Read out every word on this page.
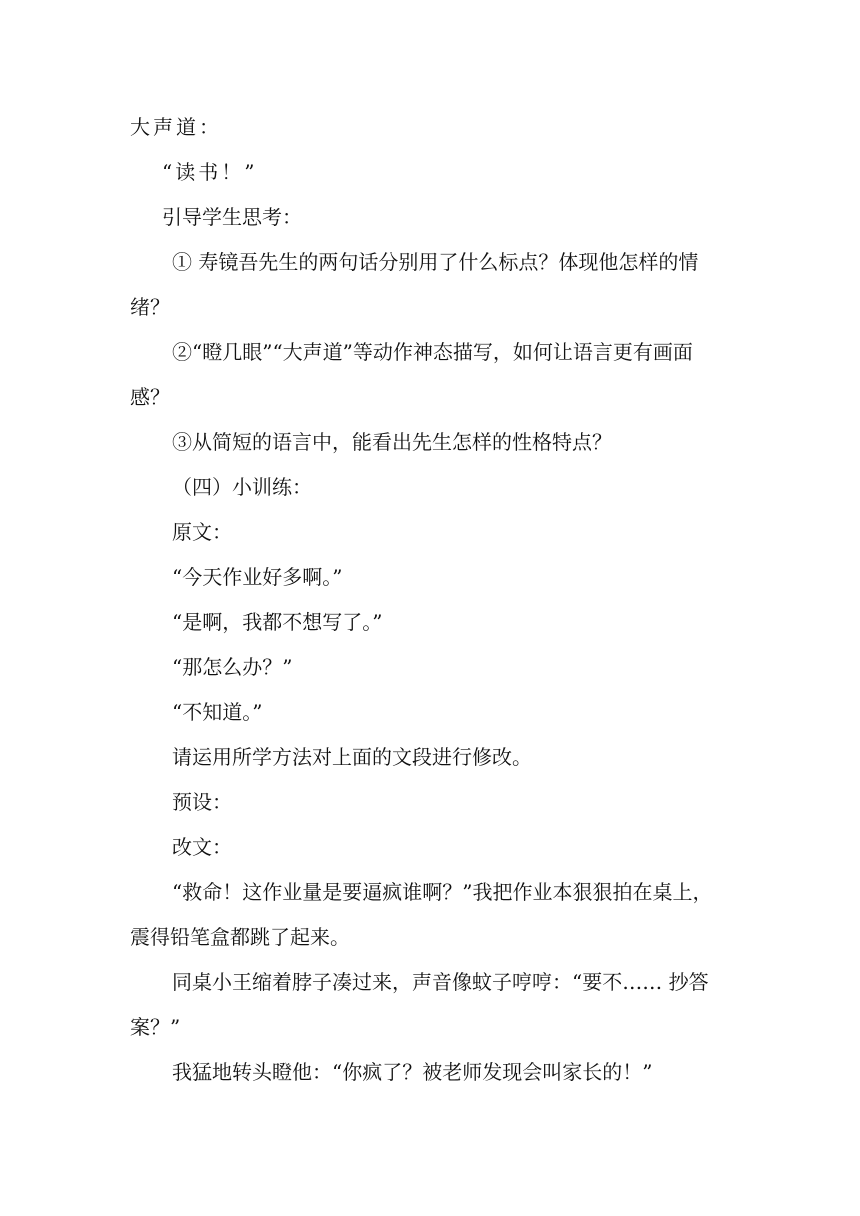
大声道：
“读书！”
引导学生思考：
① 寿镜吾先生的两句话分别用了什么标点？体现他怎样的情绪？
②“瞪几眼”“大声道”等动作神态描写，如何让语言更有画面感？
③从简短的语言中，能看出先生怎样的性格特点？
（四）小训练：
原文：
“今天作业好多啊。”
“是啊，我都不想写了。”
“那怎么办？”
“不知道。”
请运用所学方法对上面的文段进行修改。
预设：
改文：
“救命！这作业量是要逼疯谁啊？”我把作业本狠狠拍在桌上，震得铅笔盒都跳了起来。
同桌小王缩着脖子凑过来，声音像蚊子哼哼：“要不…… 抄答案？”
我猛地转头瞪他：“你疯了？被老师发现会叫家长的！”
